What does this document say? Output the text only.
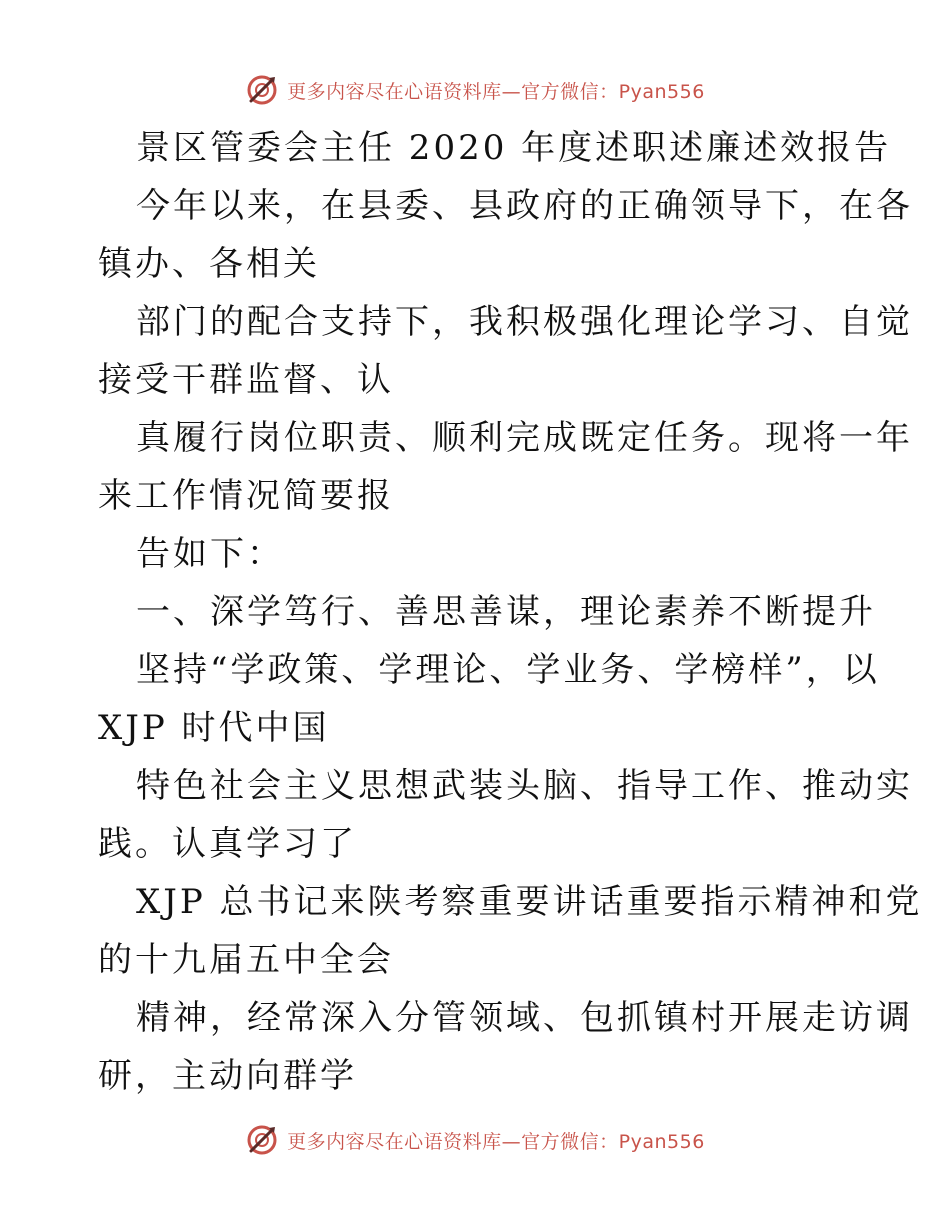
更多内容尽在心语资料库—官方微信：Pyan556
景区管委会主任 2020 年度述职述廉述效报告
今年以来，在县委、县政府的正确领导下，在各
镇办、各相关
部门的配合支持下，我积极强化理论学习、自觉
接受干群监督、认
真履行岗位职责、顺利完成既定任务。现将一年
来工作情况简要报
告如下：
一、深学笃行、善思善谋，理论素养不断提升
坚持“学政策、学理论、学业务、学榜样”，以
XJP 时代中国
特色社会主义思想武装头脑、指导工作、推动实
践。认真学习了
XJP 总书记来陕考察重要讲话重要指示精神和党
的十九届五中全会
精神，经常深入分管领域、包抓镇村开展走访调
研，主动向群学
更多内容尽在心语资料库—官方微信：Pyan556
